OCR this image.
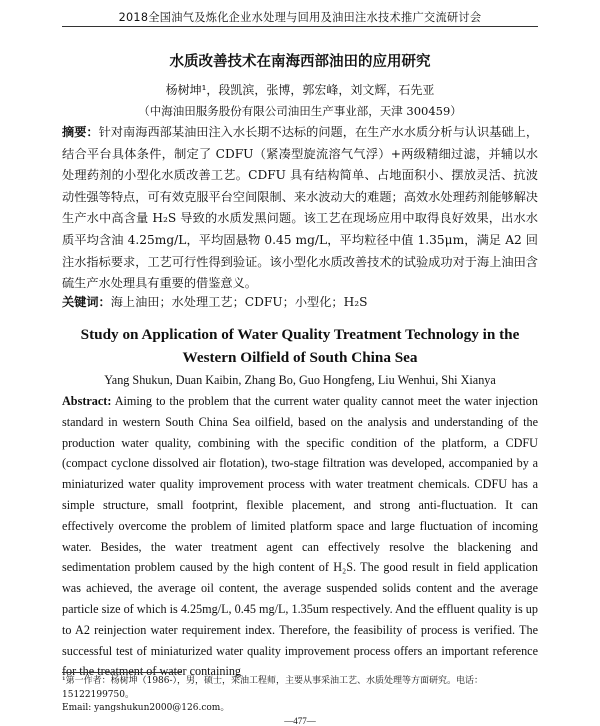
2018全国油气及炼化企业水处理与回用及油田注水技术推广交流研讨会
水质改善技术在南海西部油田的应用研究
杨树坤¹，段凯滨，张博，郭宏峰，刘文辉，石先亚
（中海油田服务股份有限公司油田生产事业部，天津 300459）

摘要：针对南海西部某油田注入水长期不达标的问题，在生产水水质分析与认识基础上，结合平台具体条件，制定了 CDFU（紧凑型旋流溶气气浮）+两级精细过滤，并辅以水处理药剂的小型化水质改善工艺。CDFU 具有结构简单、占地面积小、摆放灵活、抗波动性强等特点，可有效克服平台空间限制、来水波动大的难题；高效水处理药剂能够解决生产水中高含量 H₂S 导致的水质发黑问题。该工艺在现场应用中取得良好效果，出水水质平均含油 4.25mg/L，平均固悬物 0.45 mg/L，平均粒径中值 1.35μm，满足 A2 回注水指标要求，工艺可行性得到验证。该小型化水质改善技术的试验成功对于海上油田含硫生产水处理具有重要的借鉴意义。

关键词：海上油田；水处理工艺；CDFU；小型化；H₂S

Study on Application of Water Quality Treatment Technology in the Western Oilfield of South China Sea

Yang Shukun, Duan Kaibin, Zhang Bo, Guo Hongfeng, Liu Wenhui, Shi Xianya

Abstract: Aiming to the problem that the current water quality cannot meet the water injection standard in western South China Sea oilfield, based on the analysis and understanding of the production water quality, combining with the specific condition of the platform, a CDFU (compact cyclone dissolved air flotation), two-stage filtration was developed, accompanied by a miniaturized water quality improvement process with water treatment chemicals. CDFU has a simple structure, small footprint, flexible placement, and strong anti-fluctuation. It can effectively overcome the problem of limited platform space and large fluctuation of incoming water. Besides, the water treatment agent can effectively resolve the blackening and sedimentation problem caused by the high content of H₂S. The good result in field application was achieved, the average oil content, the average suspended solids content and the average particle size of which is 4.25mg/L, 0.45 mg/L, 1.35um respectively. And the effluent quality is up to A2 reinjection water requirement index. Therefore, the feasibility of process is verified. The successful test of miniaturized water quality improvement process offers an important reference for the treatment of water containing

¹第一作者：杨树坤（1986-），男，硕士，采油工程师，主要从事采油工艺、水质处理等方面研究。电话：15122199750。
Email: yangshukun2000@126.com。

—477—
